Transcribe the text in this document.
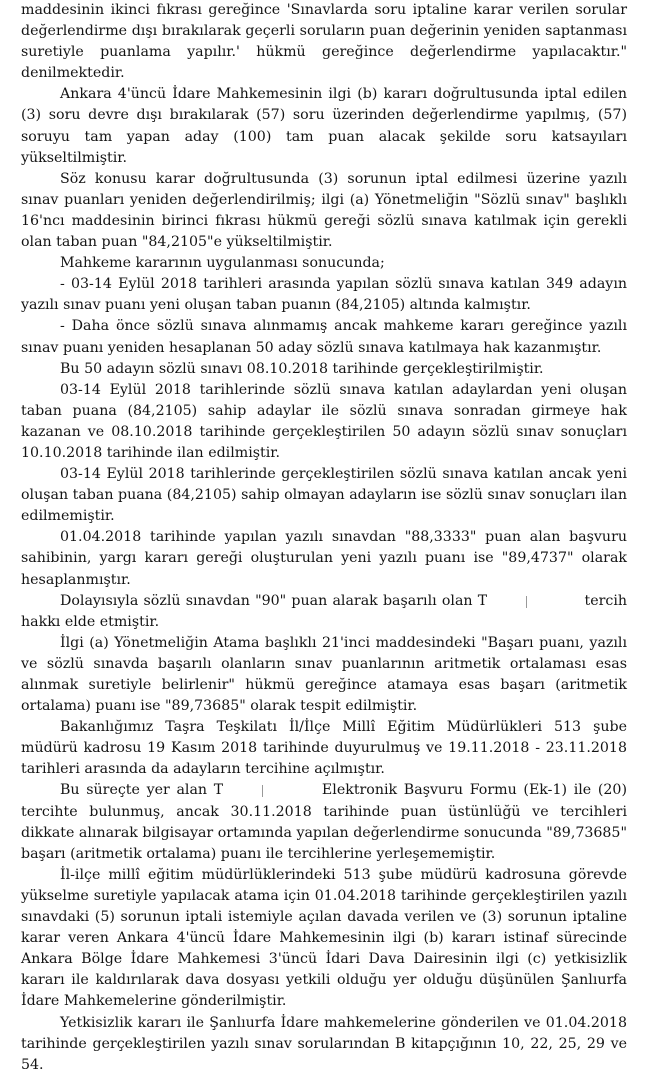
maddesinin ikinci fıkrası gereğince 'Sınavlarda soru iptaline karar verilen sorular değerlendirme dışı bırakılarak geçerli soruların puan değerinin yeniden saptanması suretiyle puanlama yapılır.' hükmü gereğince değerlendirme yapılacaktır." denilmektedir.

Ankara 4'üncü İdare Mahkemesinin ilgi (b) kararı doğrultusunda iptal edilen (3) soru devre dışı bırakılarak (57) soru üzerinden değerlendirme yapılmış, (57) soruyu tam yapan aday (100) tam puan alacak şekilde soru katsayıları yükseltilmiştir.

Söz konusu karar doğrultusunda (3) sorunun iptal edilmesi üzerine yazılı sınav puanları yeniden değerlendirilmiş; ilgi (a) Yönetmeliğin "Sözlü sınav" başlıklı 16'ncı maddesinin birinci fıkrası hükmü gereği sözlü sınava katılmak için gerekli olan taban puan "84,2105"e yükseltilmiştir.

Mahkeme kararının uygulanması sonucunda;

- 03-14 Eylül 2018 tarihleri arasında yapılan sözlü sınava katılan 349 adayın yazılı sınav puanı yeni oluşan taban puanın (84,2105) altında kalmıştır.

- Daha önce sözlü sınava alınmamış ancak mahkeme kararı gereğince yazılı sınav puanı yeniden hesaplanan 50 aday sözlü sınava katılmaya hak kazanmıştır.

Bu 50 adayın sözlü sınavı 08.10.2018 tarihinde gerçekleştirilmiştir.

03-14 Eylül 2018 tarihlerinde sözlü sınava katılan adaylardan yeni oluşan taban puana (84,2105) sahip adaylar ile sözlü sınava sonradan girmeye hak kazanan ve 08.10.2018 tarihinde gerçekleştirilen 50 adayın sözlü sınav sonuçları 10.10.2018 tarihinde ilan edilmiştir.

03-14 Eylül 2018 tarihlerinde gerçekleştirilen sözlü sınava katılan ancak yeni oluşan taban puana (84,2105) sahip olmayan adayların ise sözlü sınav sonuçları ilan edilmemiştir.

01.04.2018 tarihinde yapılan yazılı sınavdan "88,3333" puan alan başvuru sahibinin, yargı kararı gereği oluşturulan yeni yazılı puanı ise "89,4737" olarak hesaplanmıştır.

Dolayısıyla sözlü sınavdan "90" puan alarak başarılı olan T	tercih hakkı elde etmiştir.

İlgi (a) Yönetmeliğin Atama başlıklı 21'inci maddesindeki "Başarı puanı, yazılı ve sözlü sınavda başarılı olanların sınav puanlarının aritmetik ortalaması esas alınmak suretiyle belirlenir" hükmü gereğince atamaya esas başarı (aritmetik ortalama) puanı ise "89,73685" olarak tespit edilmiştir.

Bakanlığımız Taşra Teşkilatı İl/İlçe Millî Eğitim Müdürlükleri 513 şube müdürü kadrosu 19 Kasım 2018 tarihinde duyurulmuş ve 19.11.2018 - 23.11.2018 tarihleri arasında da adayların tercihine açılmıştır.

Bu süreçte yer alan T	Elektronik Başvuru Formu (Ek-1) ile (20) tercihte bulunmuş, ancak 30.11.2018 tarihinde puan üstünlüğü ve tercihleri dikkate alınarak bilgisayar ortamında yapılan değerlendirme sonucunda "89,73685" başarı (aritmetik ortalama) puanı ile tercihlerine yerleşememiştir.

İl-ilçe millî eğitim müdürlüklerindeki 513 şube müdürü kadrosuna görevde yükselme suretiyle yapılacak atama için 01.04.2018 tarihinde gerçekleştirilen yazılı sınavdaki (5) sorunun iptali istemiyle açılan davada verilen ve (3) sorunun iptaline karar veren Ankara 4'üncü İdare Mahkemesinin ilgi (b) kararı istinaf sürecinde Ankara Bölge İdare Mahkemesi 3'üncü İdari Dava Dairesinin ilgi (c) yetkisizlik kararı ile kaldırılarak dava dosyası yetkili olduğu yer olduğu düşünülen Şanlıurfa İdare Mahkemelerine gönderilmiştir.

Yetkisizlik kararı ile Şanlıurfa İdare mahkemelerine gönderilen ve 01.04.2018 tarihinde gerçekleştirilen yazılı sınav sorularından B kitapçığının 10, 22, 25, 29 ve 54.
